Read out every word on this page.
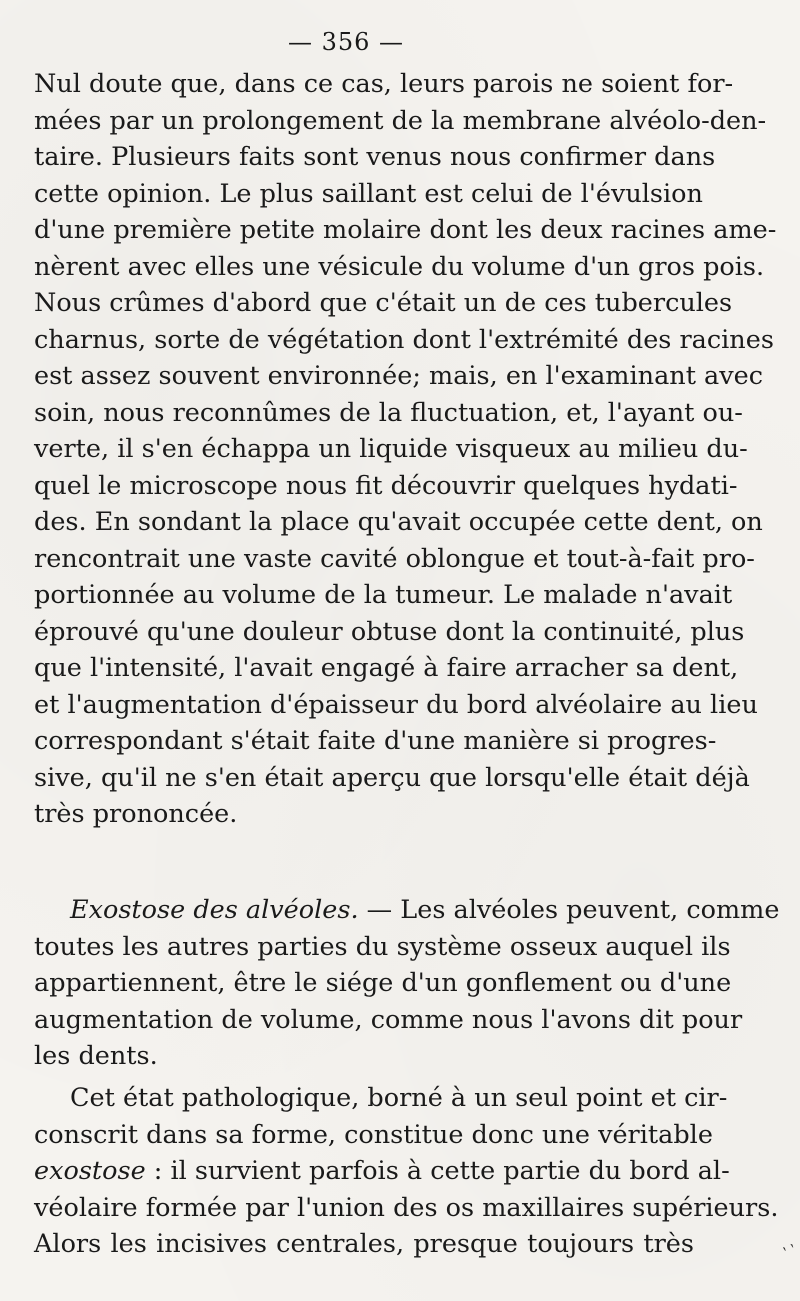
— 356 —
Nul doute que, dans ce cas, leurs parois ne soient for-
mées par un prolongement de la membrane alvéolo-den-
taire. Plusieurs faits sont venus nous confirmer dans
cette opinion. Le plus saillant est celui de l'évulsion
d'une première petite molaire dont les deux racines ame-
nèrent avec elles une vésicule du volume d'un gros pois.
Nous crûmes d'abord que c'était un de ces tubercules
charnus, sorte de végétation dont l'extrémité des racines
est assez souvent environnée; mais, en l'examinant avec
soin, nous reconnûmes de la fluctuation, et, l'ayant ou-
verte, il s'en échappa un liquide visqueux au milieu du-
quel le microscope nous fit découvrir quelques hydati-
des. En sondant la place qu'avait occupée cette dent, on
rencontrait une vaste cavité oblongue et tout-à-fait pro-
portionnée au volume de la tumeur. Le malade n'avait
éprouvé qu'une douleur obtuse dont la continuité, plus
que l'intensité, l'avait engagé à faire arracher sa dent,
et l'augmentation d'épaisseur du bord alvéolaire au lieu
correspondant s'était faite d'une manière si progres-
sive, qu'il ne s'en était aperçu que lorsqu'elle était déjà
très prononcée.
Exostose des alvéoles. — Les alvéoles peuvent, comme
toutes les autres parties du système osseux auquel ils
appartiennent, être le siége d'un gonflement ou d'une
augmentation de volume, comme nous l'avons dit pour
les dents.
Cet état pathologique, borné à un seul point et cir-
conscrit dans sa forme, constitue donc une véritable
exostose : il survient parfois à cette partie du bord al-
véolaire formée par l'union des os maxillaires supérieurs.
Alors les incisives centrales, presque toujours très	ˎ˴
